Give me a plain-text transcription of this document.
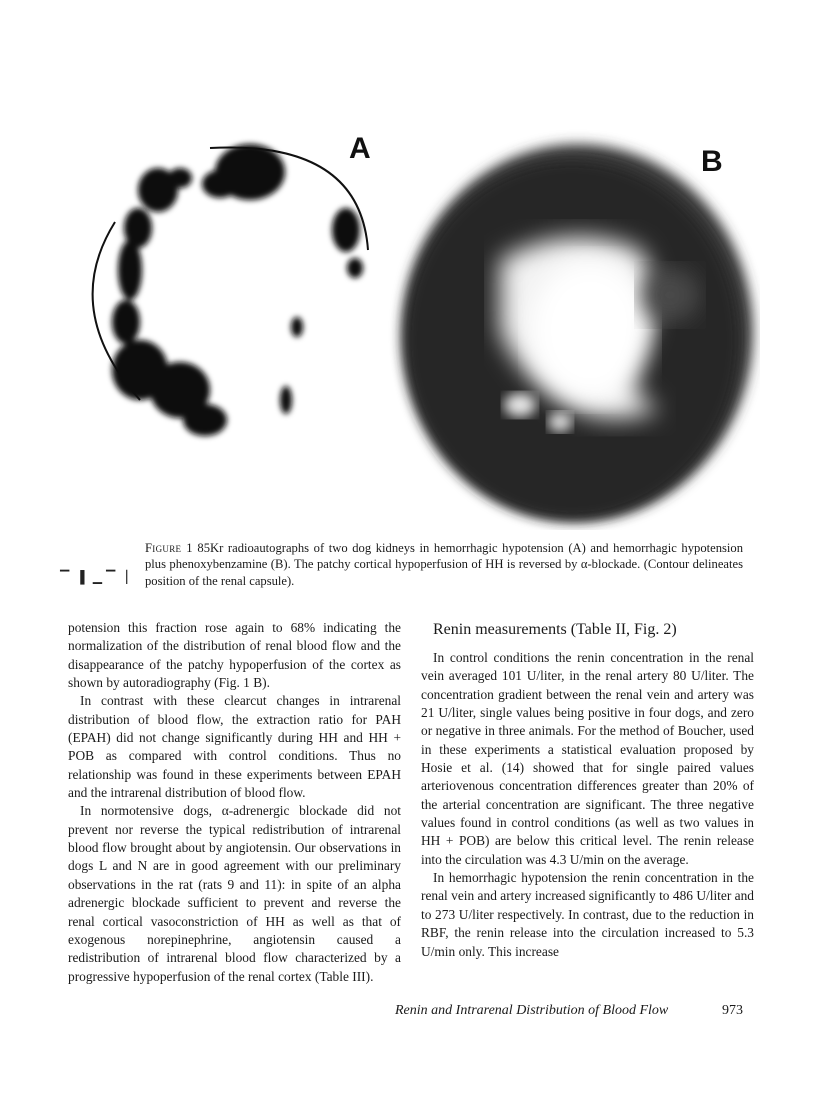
A	B
▔ ▌▁▔ ▏
Figure 1 85Kr radioautographs of two dog kidneys in hemorrhagic hypotension (A) and hemorrhagic hypotension plus phenoxybenzamine (B). The patchy cortical hypoperfusion of HH is reversed by α-blockade. (Contour delineates position of the renal capsule).

potension this fraction rose again to 68% indicating the normalization of the distribution of renal blood flow and the disappearance of the patchy hypoperfusion of the cortex as shown by autoradiography (Fig. 1 B).

In contrast with these clearcut changes in intrarenal distribution of blood flow, the extraction ratio for PAH (EPAH) did not change significantly during HH and HH + POB as compared with control conditions. Thus no relationship was found in these experiments between EPAH and the intrarenal distribution of blood flow.

In normotensive dogs, α-adrenergic blockade did not prevent nor reverse the typical redistribution of intrarenal blood flow brought about by angiotensin. Our observations in dogs L and N are in good agreement with our preliminary observations in the rat (rats 9 and 11): in spite of an alpha adrenergic blockade sufficient to prevent and reverse the renal cortical vasoconstriction of HH as well as that of exogenous norepinephrine, angiotensin caused a redistribution of intrarenal blood flow characterized by a progressive hypoperfusion of the renal cortex (Table III).

Renin measurements (Table II, Fig. 2)

In control conditions the renin concentration in the renal vein averaged 101 U/liter, in the renal artery 80 U/liter. The concentration gradient between the renal vein and artery was 21 U/liter, single values being positive in four dogs, and zero or negative in three animals. For the method of Boucher, used in these experiments a statistical evaluation proposed by Hosie et al. (14) showed that for single paired values arteriovenous concentration differences greater than 20% of the arterial concentration are significant. The three negative values found in control conditions (as well as two values in HH + POB) are below this critical level. The renin release into the circulation was 4.3 U/min on the average.

In hemorrhagic hypotension the renin concentration in the renal vein and artery increased significantly to 486 U/liter and to 273 U/liter respectively. In contrast, due to the reduction in RBF, the renin release into the circulation increased to 5.3 U/min only. This increase

Renin and Intrarenal Distribution of Blood Flow	973
